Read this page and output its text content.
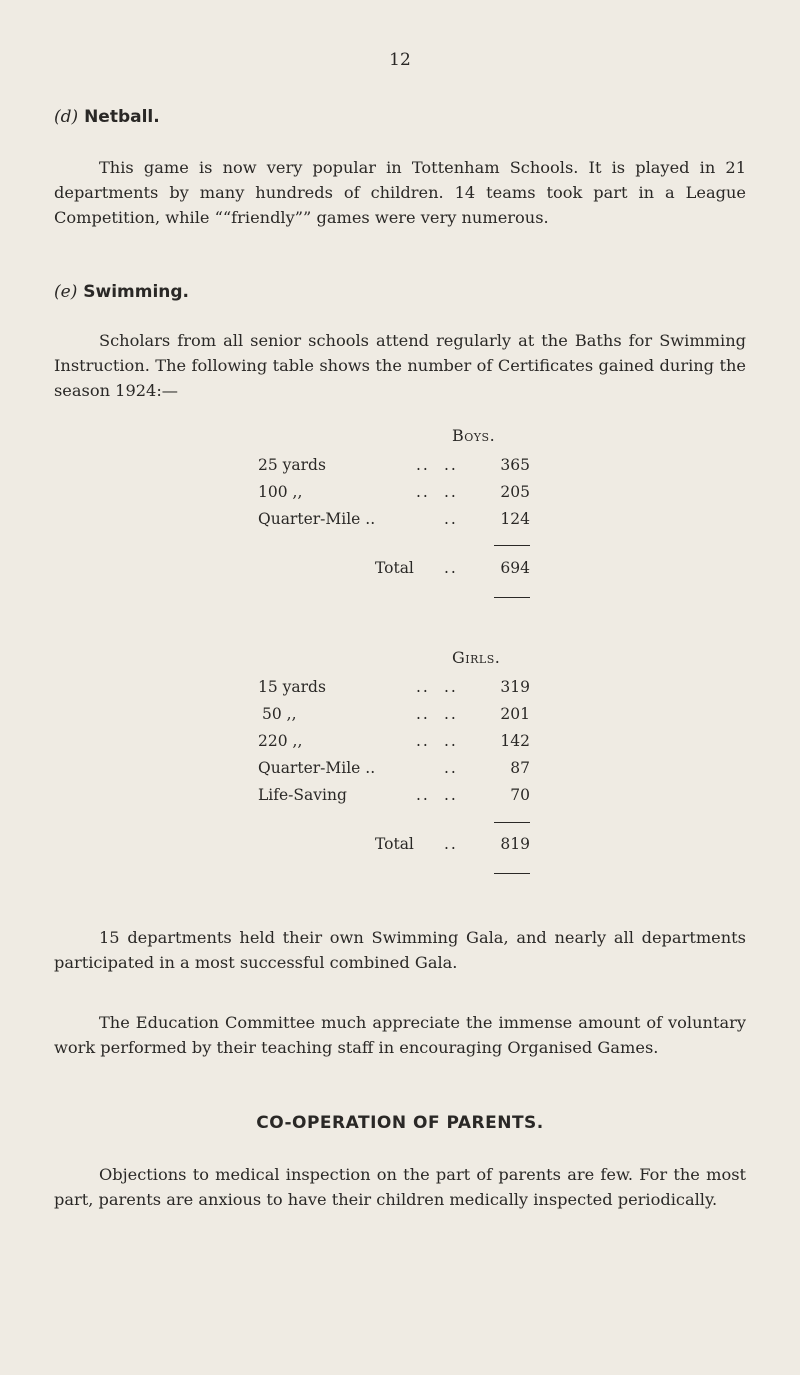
12
(d) Netball.

This game is now very popular in Tottenham Schools. It is played in 21 departments by many hundreds of children. 14 teams took part in a League Competition, while ““friendly”” games were very numerous.

(e) Swimming.

Scholars from all senior schools attend regularly at the Baths for Swimming Instruction. The following table shows the number of Certificates gained during the season 1924:—

Boys.
25 yards	.. ..	365
100 ,,	.. ..	205
Quarter-Mile ..	..	124
Total ..	694
Girls.
15 yards	.. ..	319
50 ,,	.. ..	201
220 ,,	.. ..	142
Quarter-Mile ..	..	87
Life-Saving	.. ..	70
Total ..	819

15 departments held their own Swimming Gala, and nearly all departments participated in a most successful combined Gala.

The Education Committee much appreciate the immense amount of voluntary work performed by their teaching staff in encouraging Organised Games.

CO-OPERATION OF PARENTS.

Objections to medical inspection on the part of parents are few. For the most part, parents are anxious to have their children medically inspected periodically.
